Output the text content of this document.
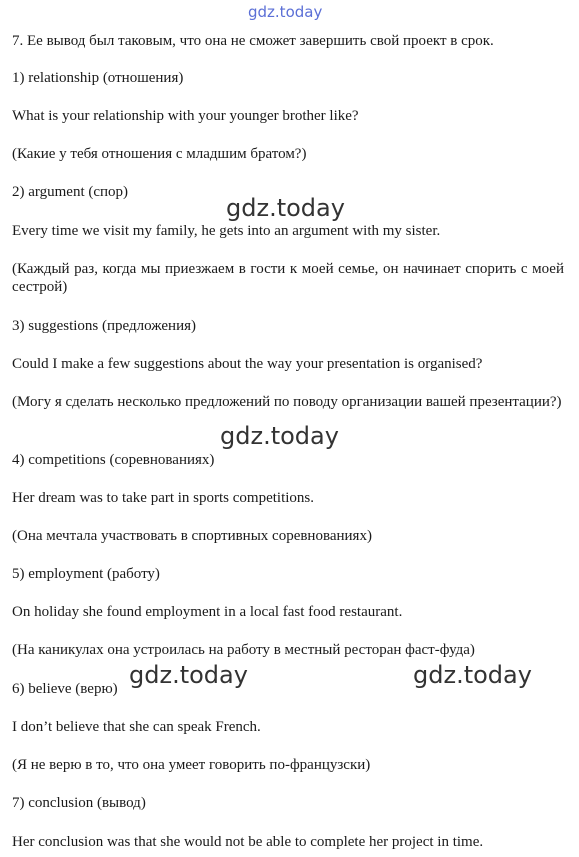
gdz.today
7. Ее вывод был таковым, что она не сможет завершить свой проект в срок.
1) relationship (отношения)
What is your relationship with your younger brother like?
(Какие у тебя отношения с младшим братом?)
2) argument (спор)
Every time we visit my family, he gets into an argument with my sister.
(Каждый раз, когда мы приезжаем в гости к моей семье, он начинает спорить с моей сестрой)
3) suggestions (предложения)
Could I make a few suggestions about the way your presentation is organised?
(Могу я сделать несколько предложений по поводу организации вашей презентации?)
4) competitions (соревнованиях)
Her dream was to take part in sports competitions.
(Она мечтала участвовать в спортивных соревнованиях)
5) employment (работу)
On holiday she found employment in a local fast food restaurant.
(На каникулах она устроилась на работу в местный ресторан фаст-фуда)
6) believe (верю)
I don’t believe that she can speak French.
(Я не верю в то, что она умеет говорить по-французски)
7) conclusion (вывод)
Her conclusion was that she would not be able to complete her project in time.
gdz.today
gdz.today
gdz.today	gdz.today
